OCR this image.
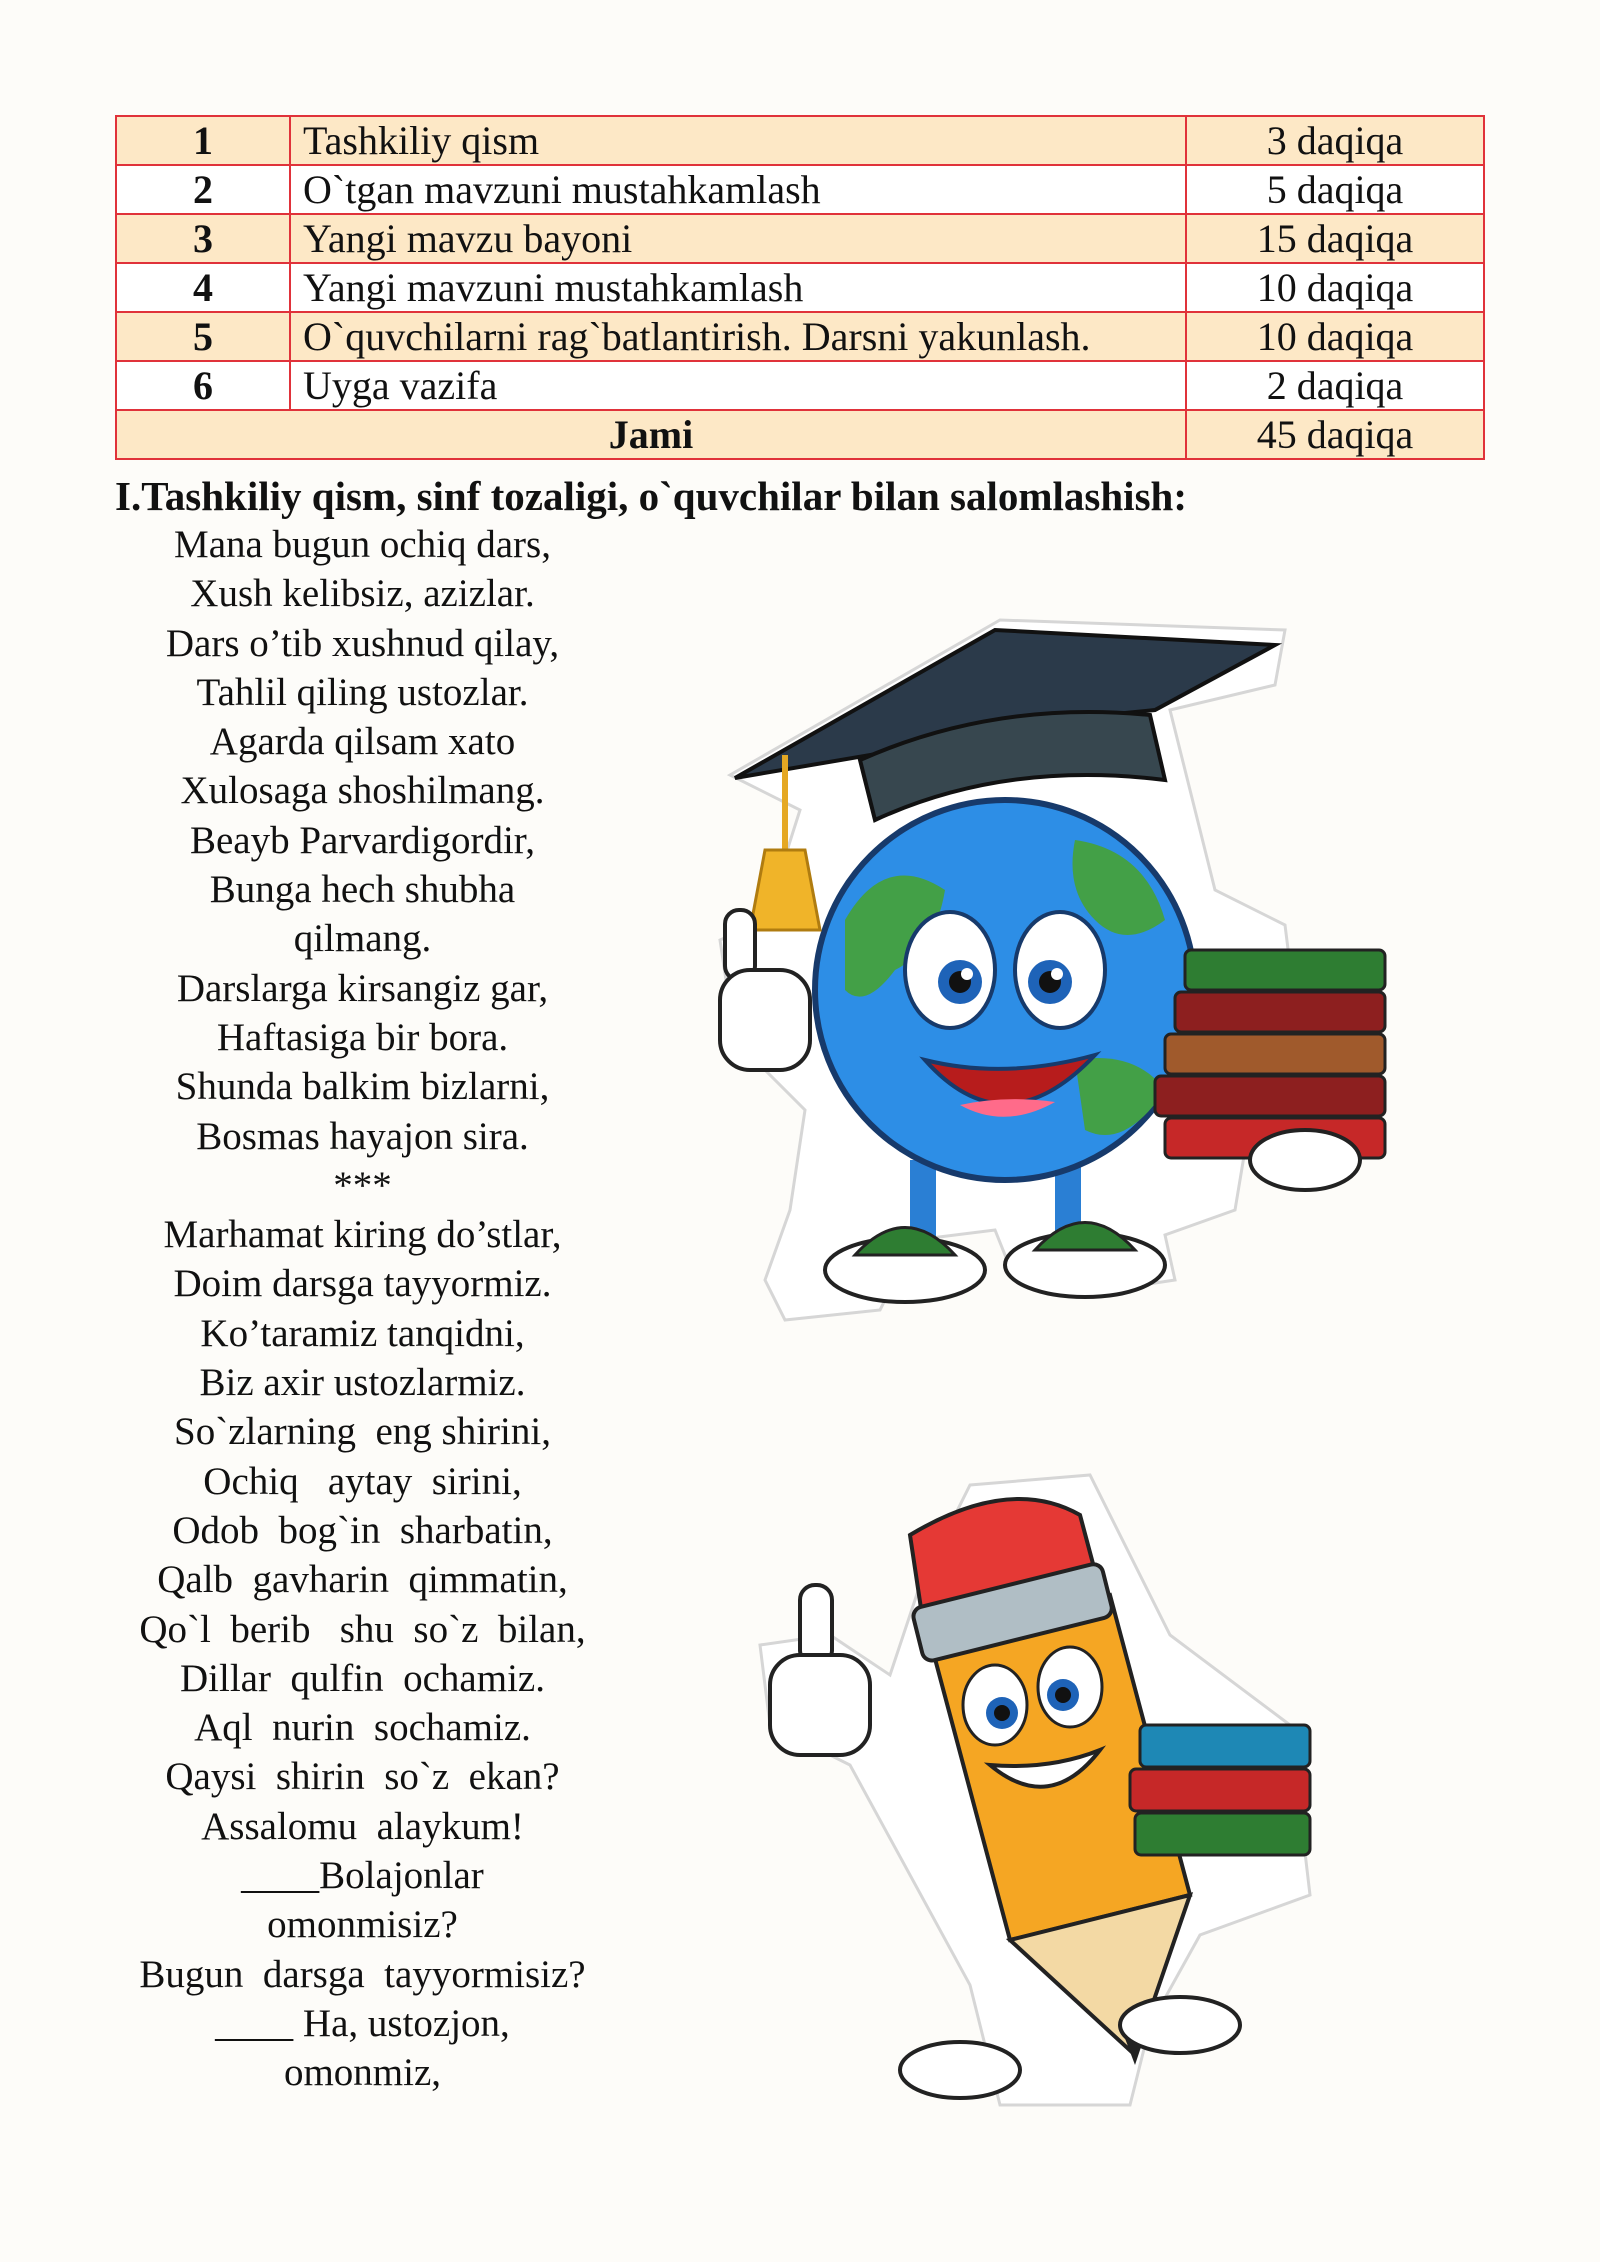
1	Tashkiliy qism	3 daqiqa
2	O`tgan mavzuni mustahkamlash	5 daqiqa
3	Yangi mavzu bayoni	15 daqiqa
4	Yangi mavzuni mustahkamlash	10 daqiqa
5	O`quvchilarni rag`batlantirish. Darsni yakunlash.	10 daqiqa
6	Uyga vazifa	2 daqiqa
Jami		45 daqiqa
I.Tashkiliy qism, sinf tozaligi, o`quvchilar bilan salomlashish:
Mana bugun ochiq dars,
Xush kelibsiz, azizlar.
Dars o’tib xushnud qilay,
Tahlil qiling ustozlar.
Agarda qilsam xato
Xulosaga shoshilmang.
Beayb Parvardigordir,
Bunga hech shubha
qilmang.
Darslarga kirsangiz gar,
Haftasiga bir bora.
Shunda balkim bizlarni,
Bosmas hayajon sira.
***
Marhamat kiring do’stlar,
Doim darsga tayyormiz.
Ko’taramiz tanqidni,
Biz axir ustozlarmiz.
So`zlarning  eng shirini,
Ochiq   aytay  sirini,
Odob  bog`in  sharbatin,
Qalb  gavharin  qimmatin,
Qo`l  berib   shu  so`z  bilan,
Dillar  qulfin  ochamiz.
Aql  nurin  sochamiz.
Qaysi  shirin  so`z  ekan?
Assalomu  alaykum!
____Bolajonlar
omonmisiz?
Bugun  darsga  tayyormisiz?
____ Ha, ustozjon,
omonmiz,
